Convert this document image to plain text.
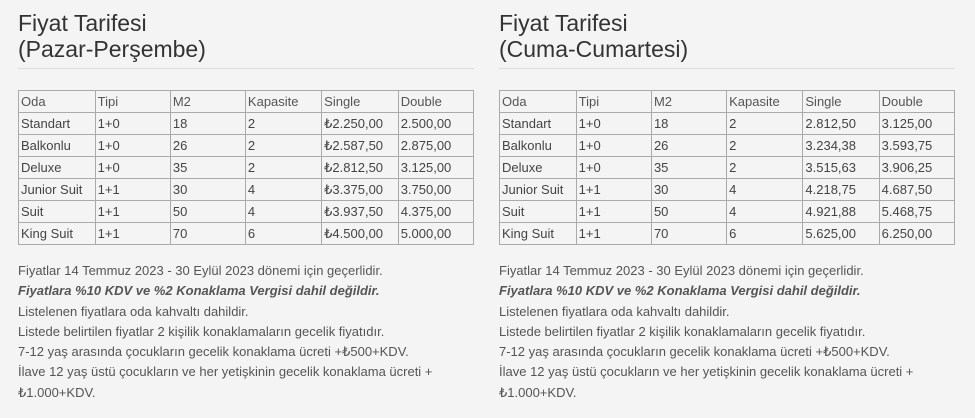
Fiyat Tarifesi
(Pazar-Perşembe)
Oda	Tipi	M2	Kapasite	Single	Double
Standart	1+0	18	2	₺2.250,00	2.500,00
Balkonlu	1+0	26	2	₺2.587,50	2.875,00
Deluxe	1+0	35	2	₺2.812,50	3.125,00
Junior Suit	1+1	30	4	₺3.375,00	3.750,00
Suit	1+1	50	4	₺3.937,50	4.375,00
King Suit	1+1	70	6	₺4.500,00	5.000,00

Fiyatlar 14 Temmuz 2023 - 30 Eylül 2023 dönemi için geçerlidir.

Fiyatlara %10 KDV ve %2 Konaklama Vergisi dahil değildir.

Listelenen fiyatlara oda kahvaltı dahildir.

Listede belirtilen fiyatlar 2 kişilik konaklamaların gecelik fiyatıdır.

7-12 yaş arasında çocukların gecelik konaklama ücreti +₺500+KDV.

İlave 12 yaş üstü çocukların ve her yetişkinin gecelik konaklama ücreti +

₺1.000+KDV.

Fiyat Tarifesi
(Cuma-Cumartesi)
Oda	Tipi	M2	Kapasite	Single	Double
Standart	1+0	18	2	2.812,50	3.125,00
Balkonlu	1+0	26	2	3.234,38	3.593,75
Deluxe	1+0	35	2	3.515,63	3.906,25
Junior Suit	1+1	30	4	4.218,75	4.687,50
Suit	1+1	50	4	4.921,88	5.468,75
King Suit	1+1	70	6	5.625,00	6.250,00

Fiyatlar 14 Temmuz 2023 - 30 Eylül 2023 dönemi için geçerlidir.

Fiyatlara %10 KDV ve %2 Konaklama Vergisi dahil değildir.

Listelenen fiyatlara oda kahvaltı dahildir.

Listede belirtilen fiyatlar 2 kişilik konaklamaların gecelik fiyatıdır.

7-12 yaş arasında çocukların gecelik konaklama ücreti +₺500+KDV.

İlave 12 yaş üstü çocukların ve her yetişkinin gecelik konaklama ücreti +

₺1.000+KDV.
